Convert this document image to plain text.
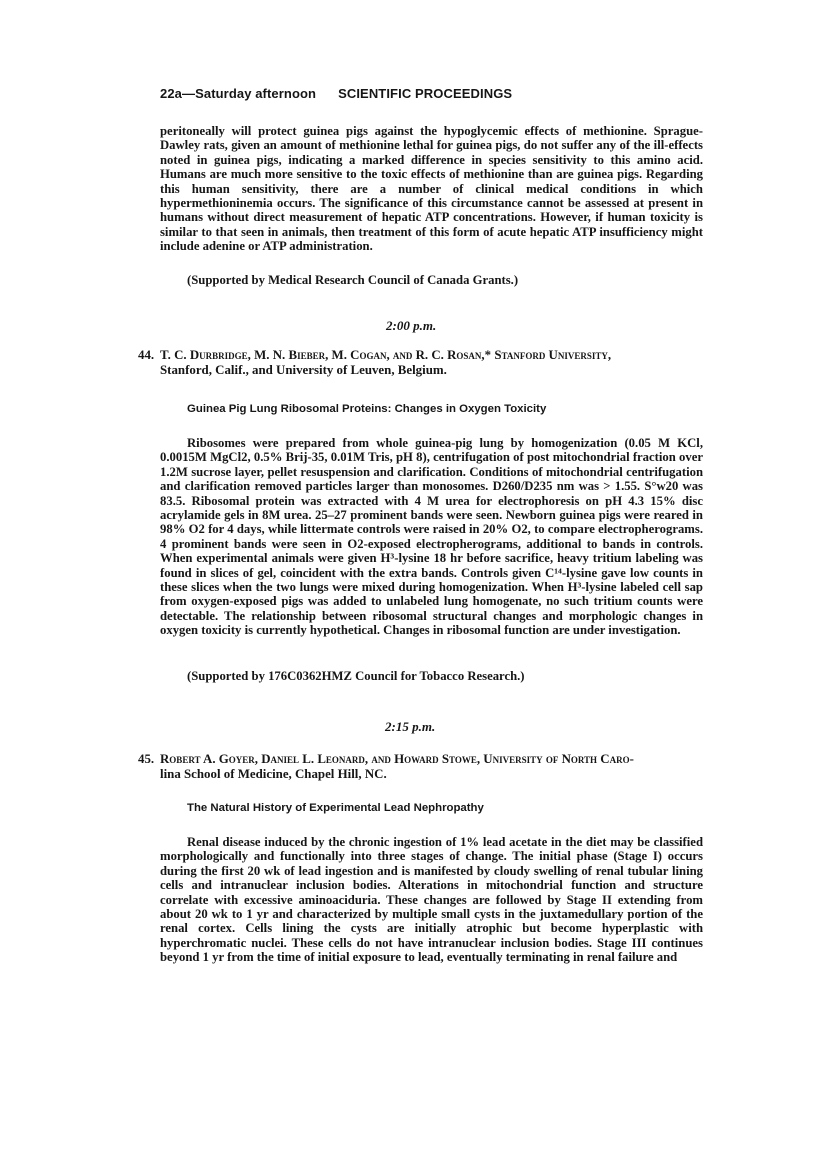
22a—Saturday afternoon SCIENTIFIC PROCEEDINGS
peritoneally will protect guinea pigs against the hypoglycemic effects of methionine. Sprague-Dawley rats, given an amount of methionine lethal for guinea pigs, do not suffer any of the ill-effects noted in guinea pigs, indicating a marked difference in species sensitivity to this amino acid. Humans are much more sensitive to the toxic effects of methionine than are guinea pigs. Regarding this human sensitivity, there are a number of clinical medical conditions in which hypermethioninemia occurs. The significance of this circumstance cannot be assessed at present in humans without direct measurement of hepatic ATP concentrations. However, if human toxicity is similar to that seen in animals, then treatment of this form of acute hepatic ATP insufficiency might include adenine or ATP administration.
(Supported by Medical Research Council of Canada Grants.)
2:00 p.m.
44. T. C. Durbridge, M. N. Bieber, M. Cogan, and R. C. Rosan,* Stanford University,
Stanford, Calif., and University of Leuven, Belgium.
Guinea Pig Lung Ribosomal Proteins: Changes in Oxygen Toxicity
Ribosomes were prepared from whole guinea-pig lung by homogenization (0.05 M KCl, 0.0015M MgCl2, 0.5% Brij-35, 0.01M Tris, pH 8), centrifugation of post mitochondrial fraction over 1.2M sucrose layer, pellet resuspension and clarification. Conditions of mitochondrial centrifugation and clarification removed particles larger than monosomes. D260/D235 nm was > 1.55. S°w20 was 83.5. Ribosomal protein was extracted with 4 M urea for electrophoresis on pH 4.3 15% disc acrylamide gels in 8M urea. 25–27 prominent bands were seen. Newborn guinea pigs were reared in 98% O2 for 4 days, while littermate controls were raised in 20% O2, to compare electropherograms. 4 prominent bands were seen in O2-exposed electropherograms, additional to bands in controls. When experimental animals were given H³-lysine 18 hr before sacrifice, heavy tritium labeling was found in slices of gel, coincident with the extra bands. Controls given C¹⁴-lysine gave low counts in these slices when the two lungs were mixed during homogenization. When H³-lysine labeled cell sap from oxygen-exposed pigs was added to unlabeled lung homogenate, no such tritium counts were detectable. The relationship between ribosomal structural changes and morphologic changes in oxygen toxicity is currently hypothetical. Changes in ribosomal function are under investigation.
(Supported by 176C0362HMZ Council for Tobacco Research.)
2:15 p.m.
45. Robert A. Goyer, Daniel L. Leonard, and Howard Stowe, University of North Caro-
lina School of Medicine, Chapel Hill, NC.
The Natural History of Experimental Lead Nephropathy
Renal disease induced by the chronic ingestion of 1% lead acetate in the diet may be classified morphologically and functionally into three stages of change. The initial phase (Stage I) occurs during the first 20 wk of lead ingestion and is manifested by cloudy swelling of renal tubular lining cells and intranuclear inclusion bodies. Alterations in mitochondrial function and structure correlate with excessive aminoaciduria. These changes are followed by Stage II extending from about 20 wk to 1 yr and characterized by multiple small cysts in the juxtamedullary portion of the renal cortex. Cells lining the cysts are initially atrophic but become hyperplastic with hyperchromatic nuclei. These cells do not have intranuclear inclusion bodies. Stage III continues beyond 1 yr from the time of initial exposure to lead, eventually terminating in renal failure and
